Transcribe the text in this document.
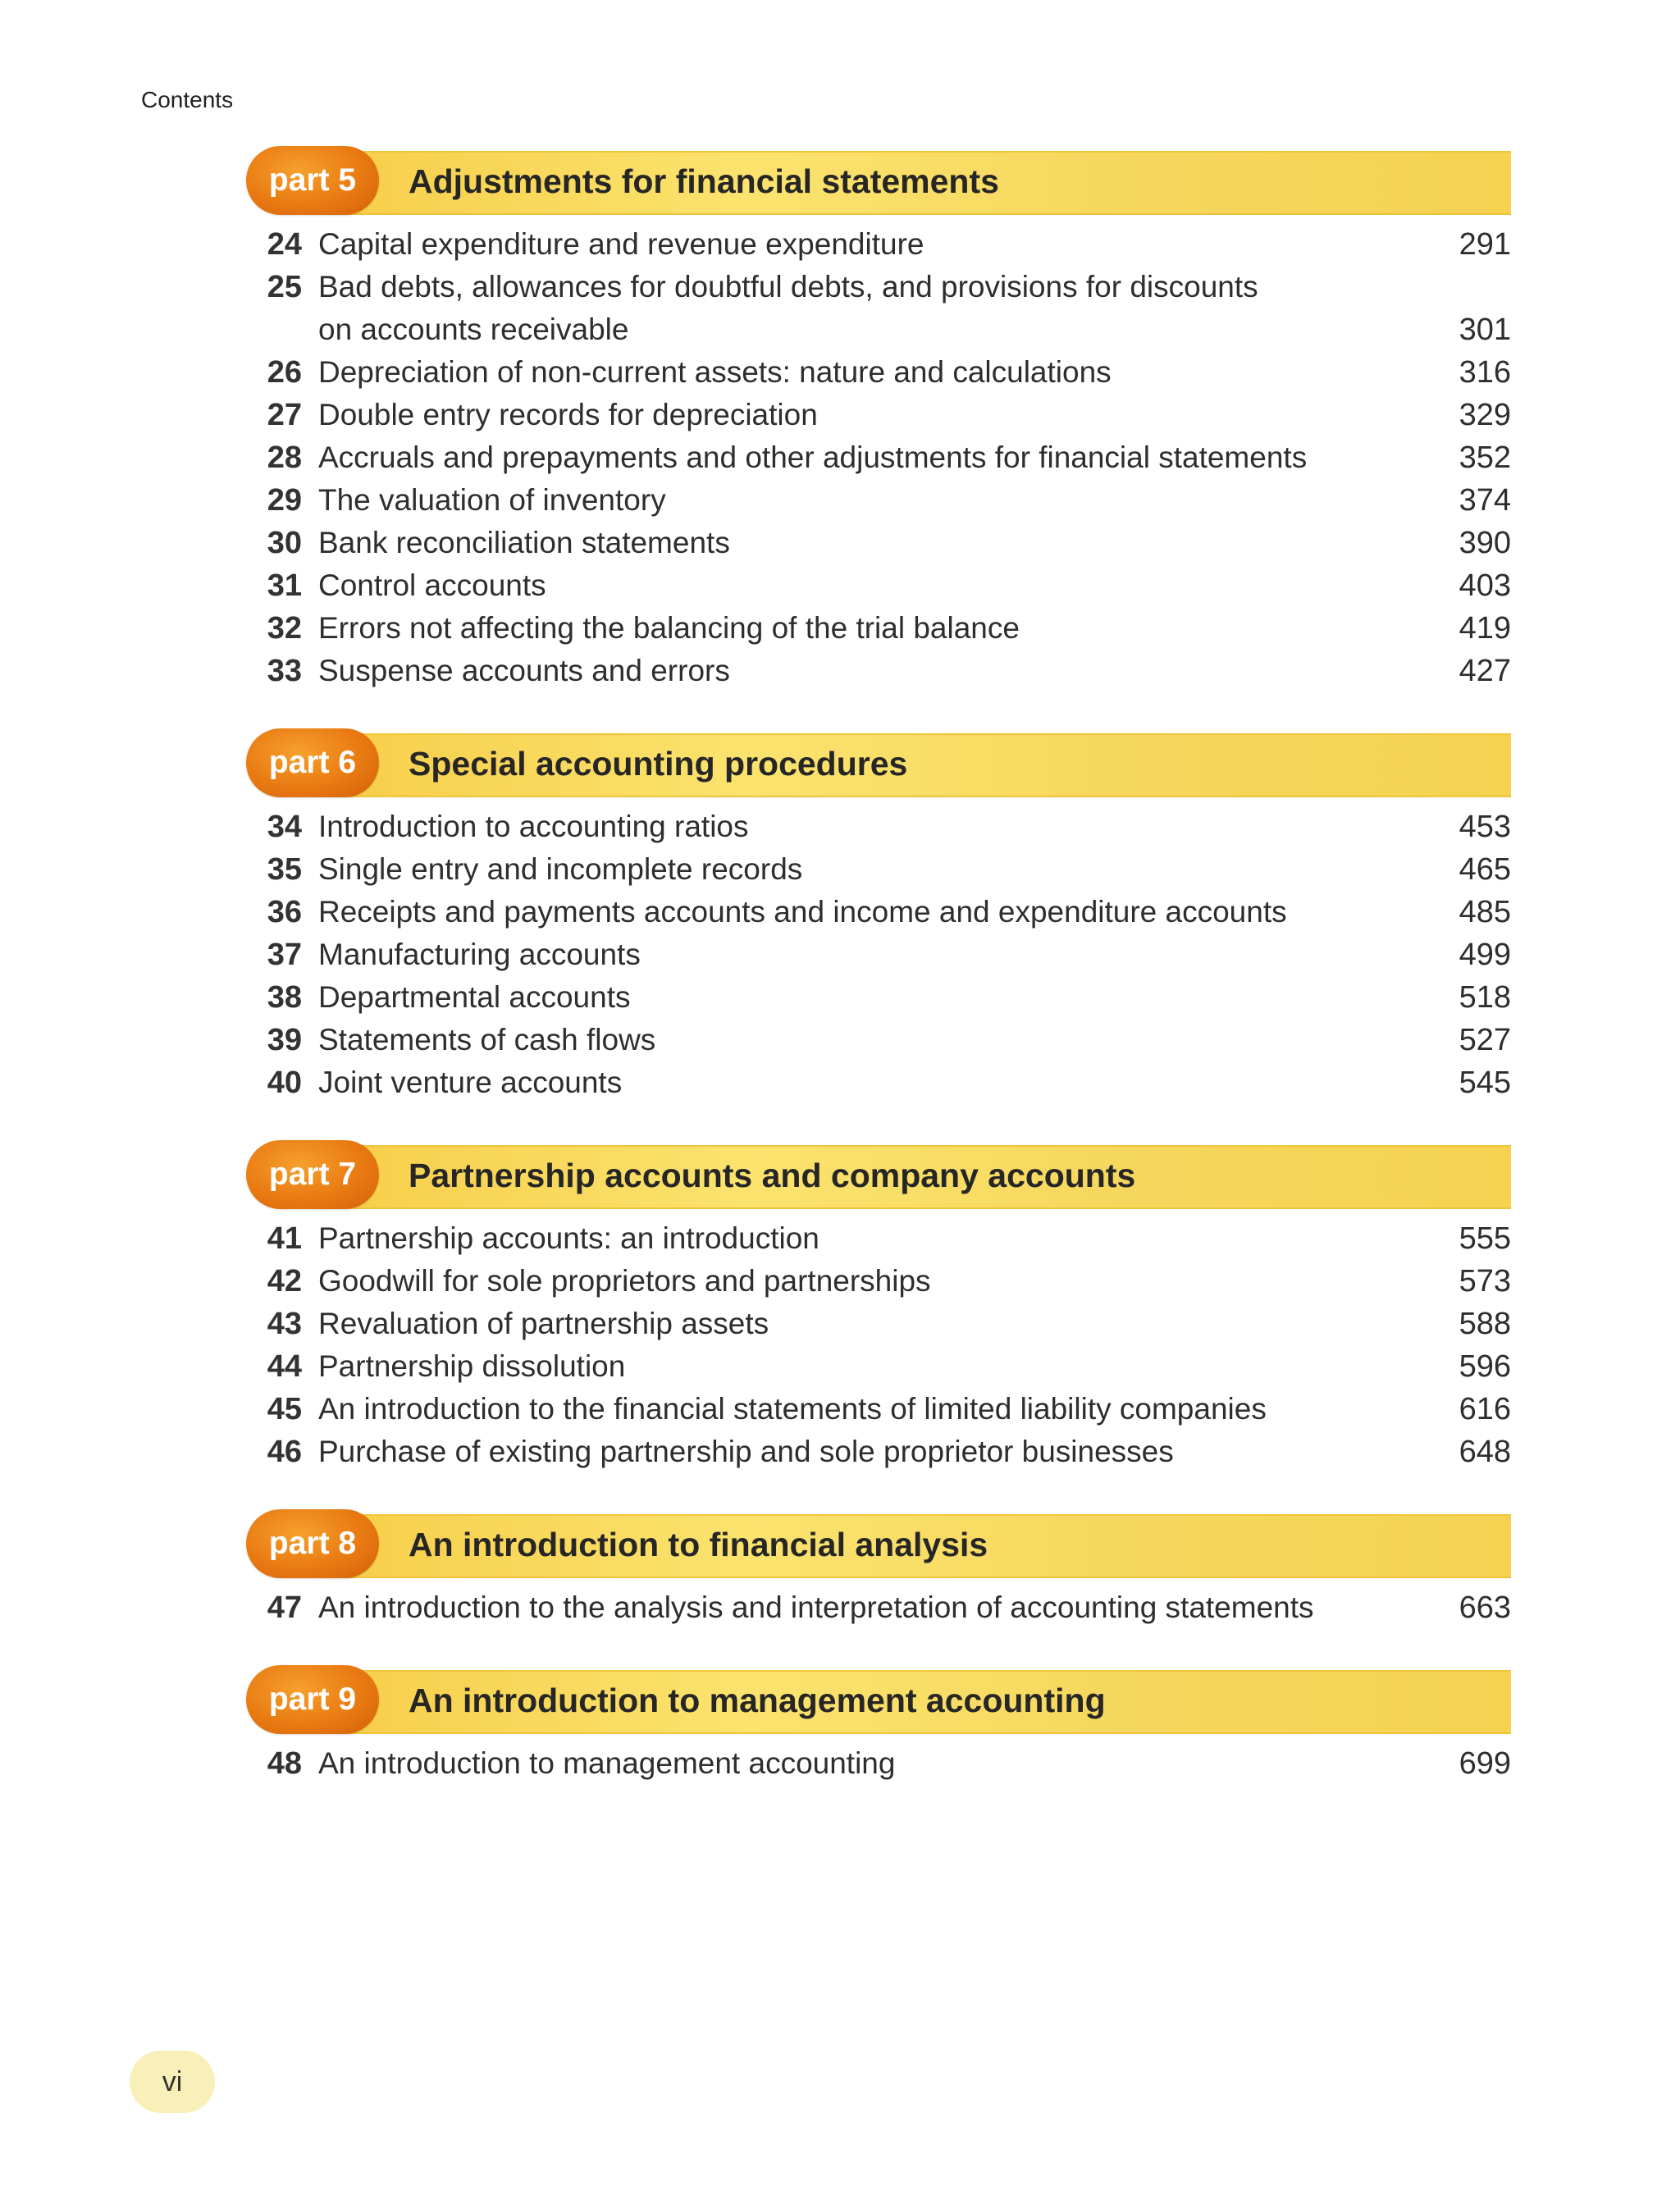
Contents
part 5	Adjustments for financial statements
24 Capital expenditure and revenue expenditure	291
25 Bad debts, allowances for doubtful debts, and provisions for discounts
on accounts receivable	301
26 Depreciation of non-current assets: nature and calculations	316
27 Double entry records for depreciation	329
28 Accruals and prepayments and other adjustments for financial statements	352
29 The valuation of inventory	374
30 Bank reconciliation statements	390
31 Control accounts	403
32 Errors not affecting the balancing of the trial balance	419
33 Suspense accounts and errors	427
part 6	Special accounting procedures
34 Introduction to accounting ratios	453
35 Single entry and incomplete records	465
36 Receipts and payments accounts and income and expenditure accounts	485
37 Manufacturing accounts	499
38 Departmental accounts	518
39 Statements of cash flows	527
40 Joint venture accounts	545
part 7	Partnership accounts and company accounts
41 Partnership accounts: an introduction	555
42 Goodwill for sole proprietors and partnerships	573
43 Revaluation of partnership assets	588
44 Partnership dissolution	596
45 An introduction to the financial statements of limited liability companies	616
46 Purchase of existing partnership and sole proprietor businesses	648
part 8	An introduction to financial analysis
47 An introduction to the analysis and interpretation of accounting statements	663
part 9	An introduction to management accounting
48 An introduction to management accounting	699
vi
